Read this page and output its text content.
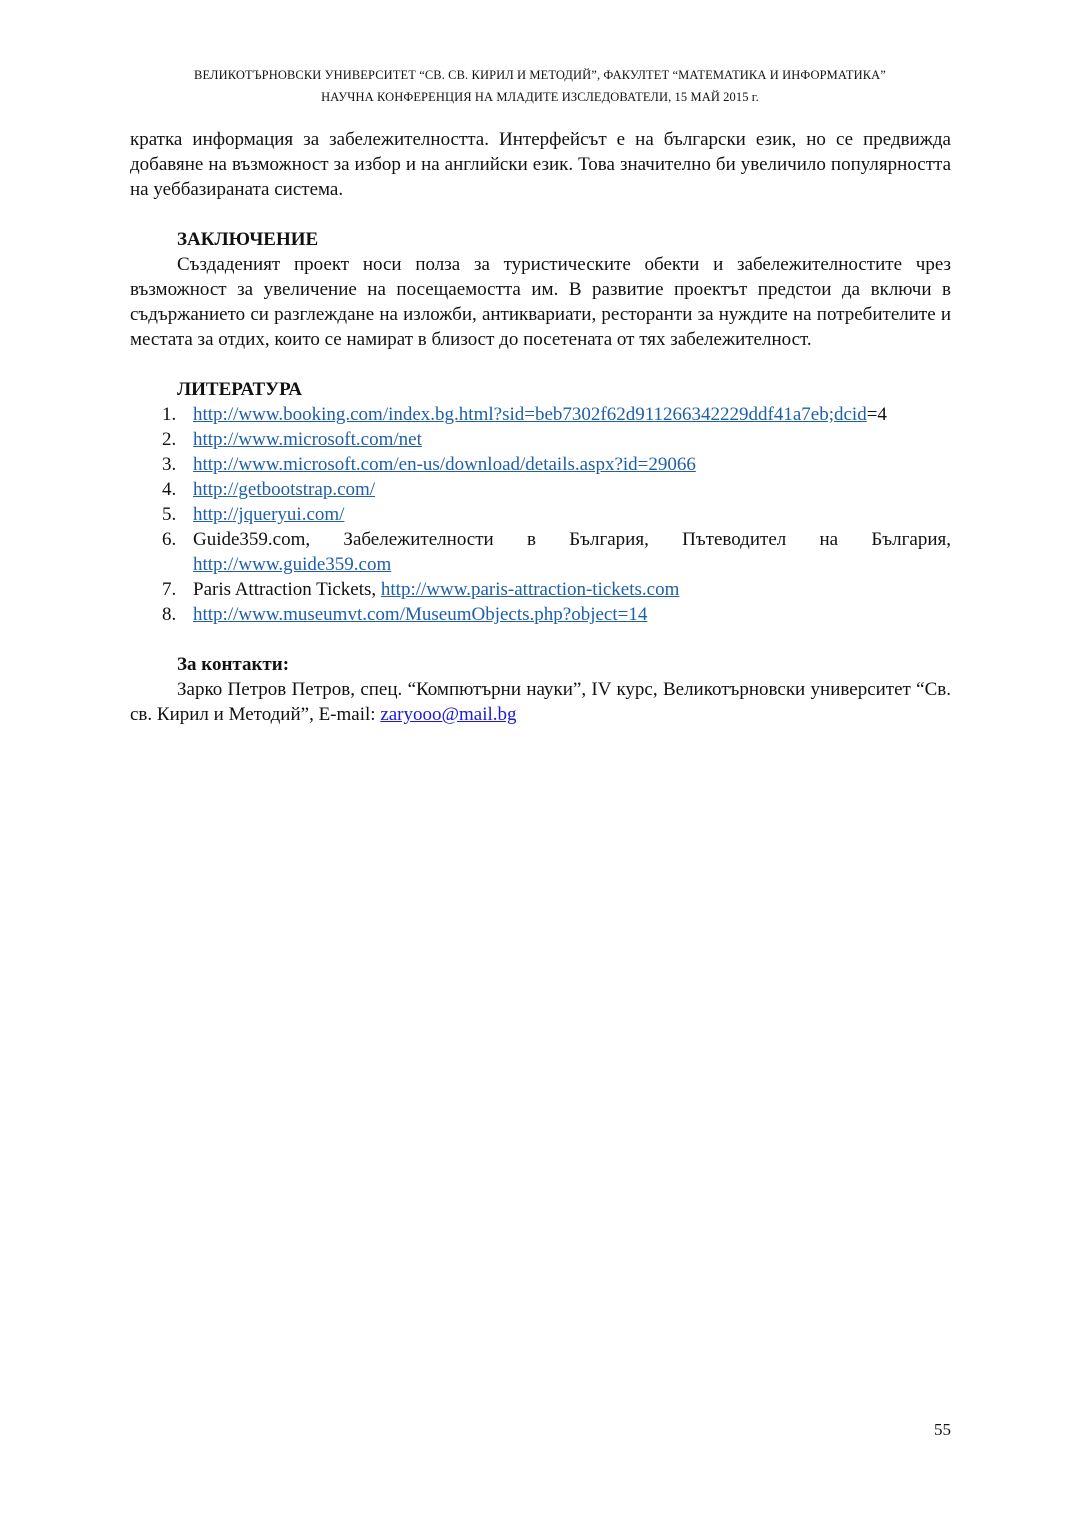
ВЕЛИКОТЪРНОВСКИ УНИВЕРСИТЕТ “СВ. СВ. КИРИЛ И МЕТОДИЙ”, ФАКУЛТЕТ “МАТЕМАТИКА И ИНФОРМАТИКА”
НАУЧНА КОНФЕРЕНЦИЯ НА МЛАДИТЕ ИЗСЛЕДОВАТЕЛИ, 15 МАЙ 2015 г.

кратка информация за забележителността. Интерфейсът е на български език, но се предвижда добавяне на възможност за избор и на английски език. Това значително би увеличило популярността на уеббазираната система.

ЗАКЛЮЧЕНИЕ

Създаденият проект носи полза за туристическите обекти и забележителностите чрез възможност за увеличение на посещаемостта им. В развитие проектът предстои да включи в съдържанието си разглеждане на изложби, антиквариати, ресторанти за нуждите на потребителите и местата за отдих, които се намират в близост до посетената от тях забележителност.

ЛИТЕРАТУРА
1. http://www.booking.com/index.bg.html?sid=beb7302f62d911266342229ddf41a7eb;dcid=4
2. http://www.microsoft.com/net
3. http://www.microsoft.com/en-us/download/details.aspx?id=29066
4. http://getbootstrap.com/
5. http://jqueryui.com/
6. Guide359.com, Забележителности в България, Пътеводител на България, http://www.guide359.com
7. Paris Attraction Tickets, http://www.paris-attraction-tickets.com
8. http://www.museumvt.com/MuseumObjects.php?object=14
За контакти:

Зарко Петров Петров, спец. “Компютърни науки”, IV курс, Великотърновски университет “Св. св. Кирил и Методий”, E-mail: zaryooo@mail.bg

55
